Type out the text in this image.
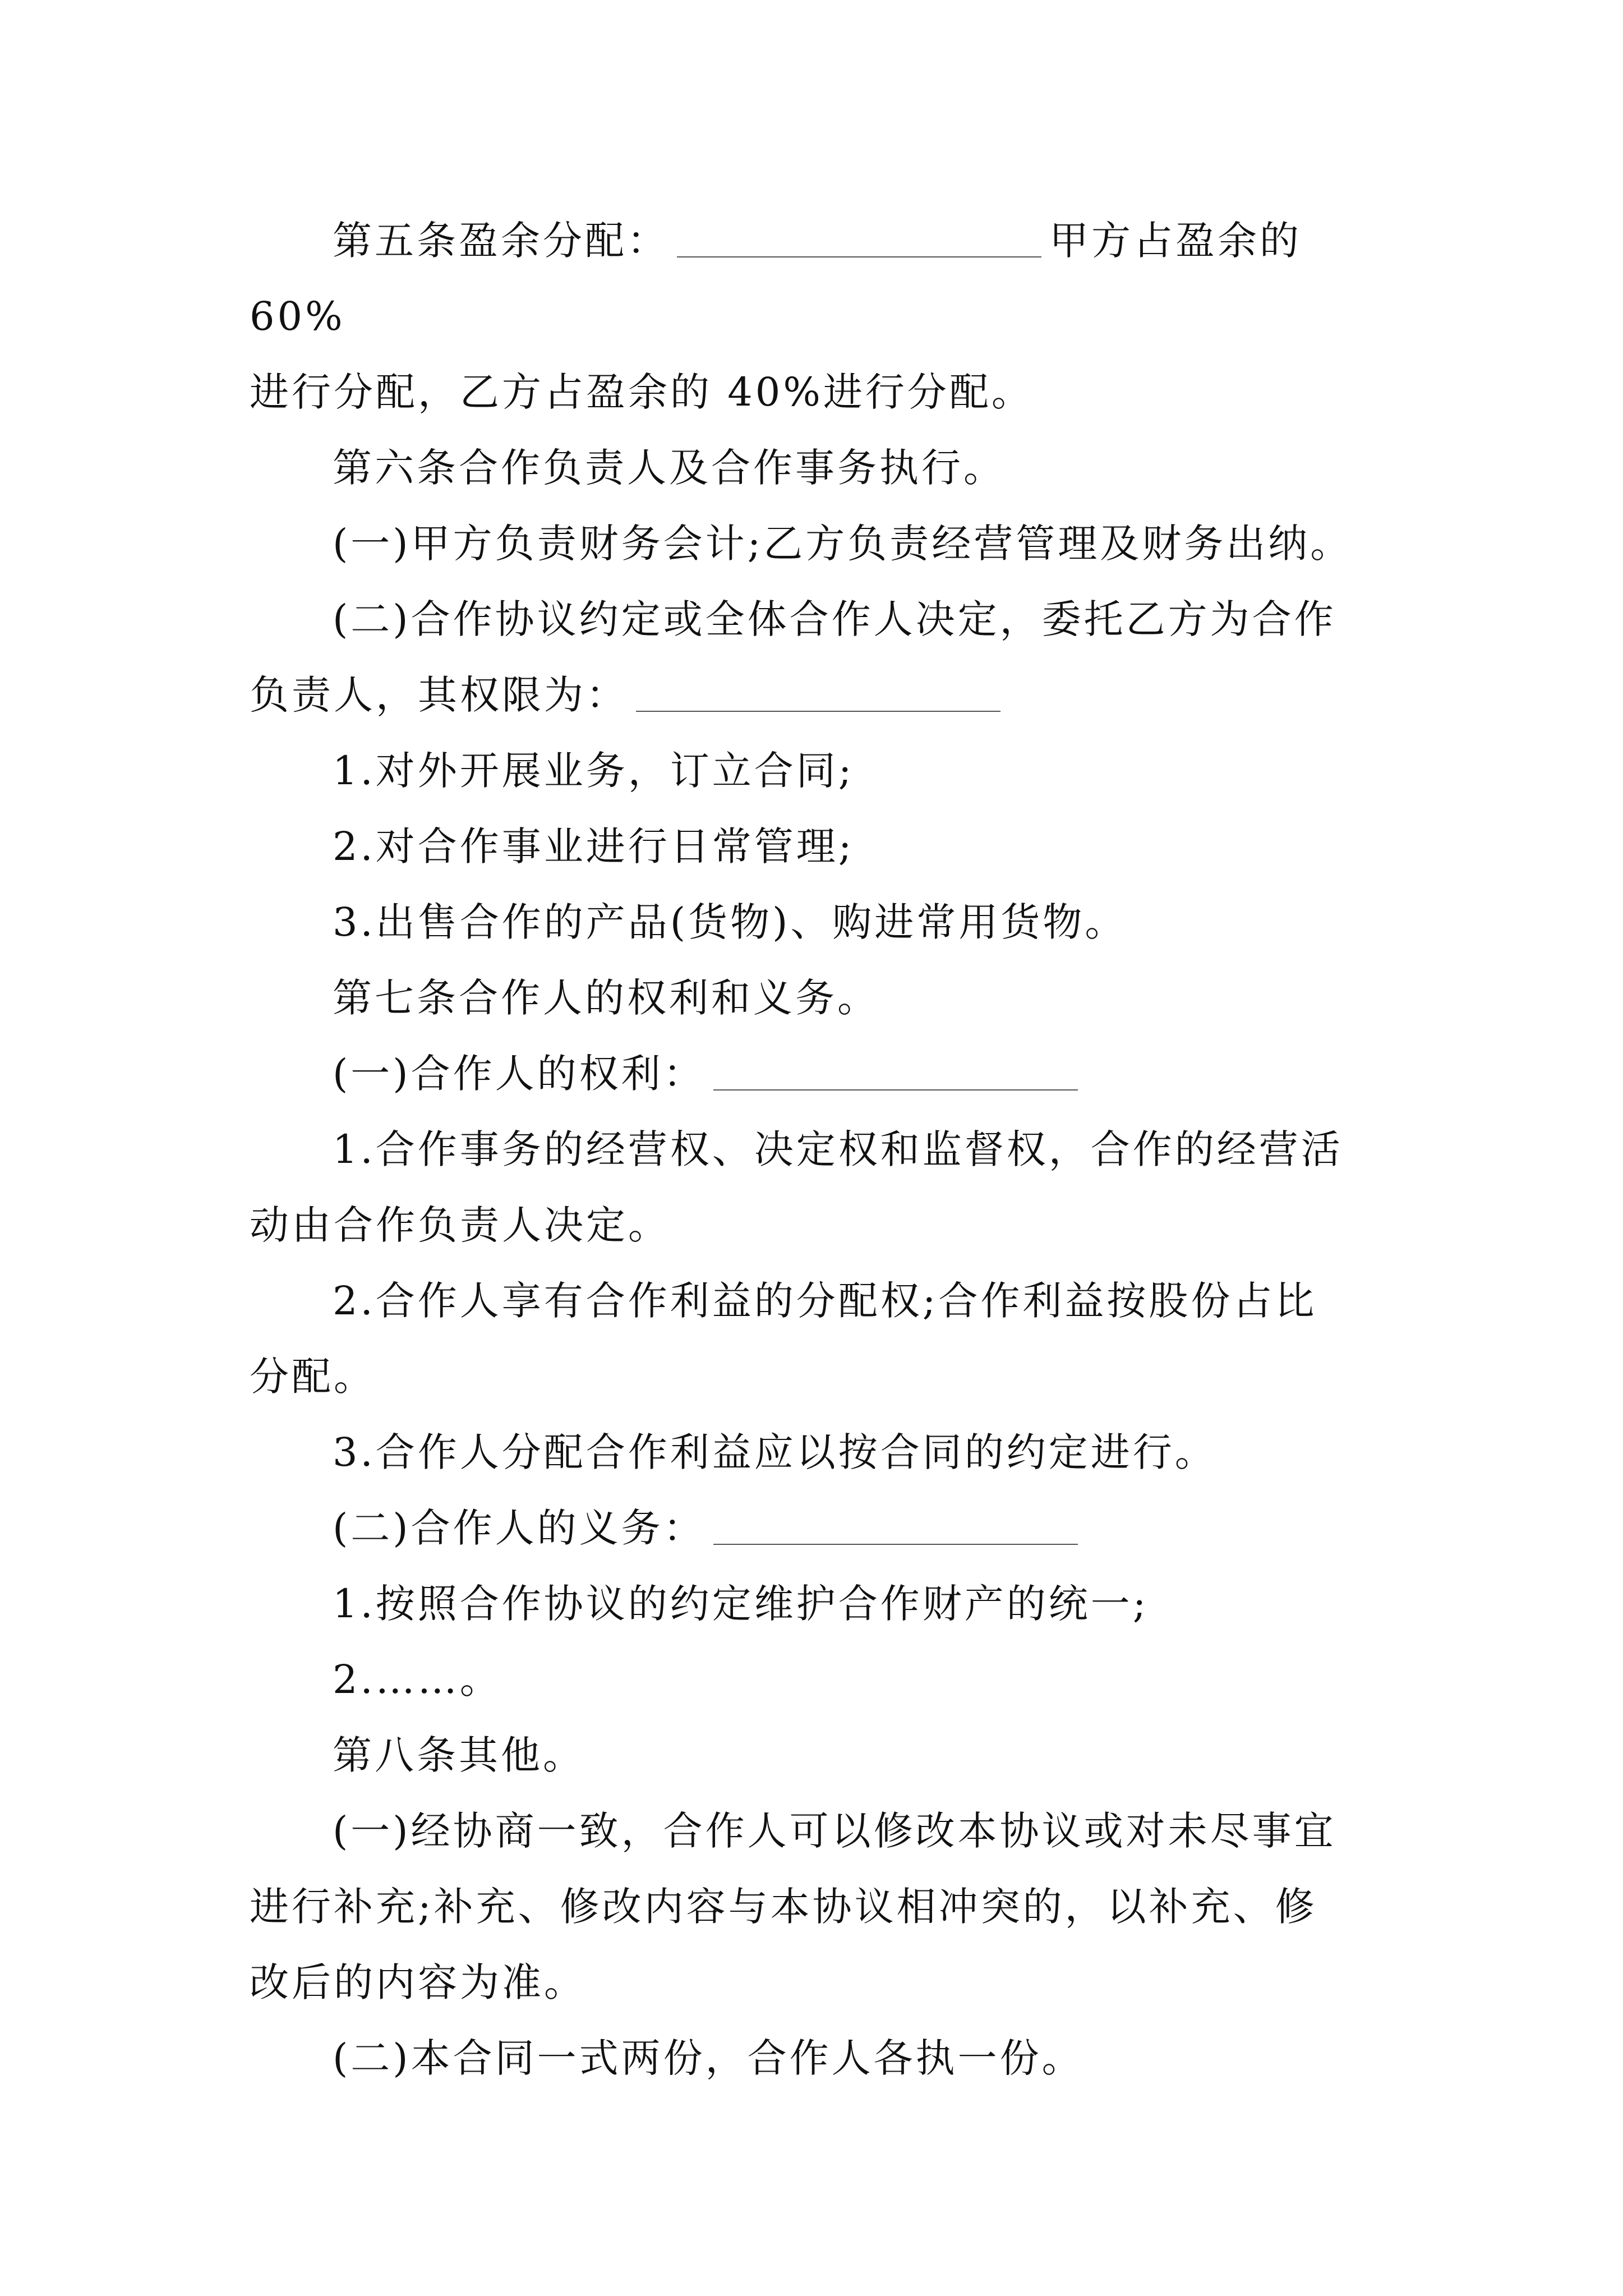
第五条盈余分配：	甲方占盈余的 60%

进行分配，乙方占盈余的 40%进行分配。

第六条合作负责人及合作事务执行。

(一)甲方负责财务会计;乙方负责经营管理及财务出纳。

(二)合作协议约定或全体合作人决定，委托乙方为合作

负责人，其权限为：

1.对外开展业务，订立合同;

2.对合作事业进行日常管理;

3.出售合作的产品(货物)、购进常用货物。

第七条合作人的权利和义务。

(一)合作人的权利：

1.合作事务的经营权、决定权和监督权，合作的经营活

动由合作负责人决定。

2.合作人享有合作利益的分配权;合作利益按股份占比

分配。

3.合作人分配合作利益应以按合同的约定进行。

(二)合作人的义务：

1.按照合作协议的约定维护合作财产的统一;

2.……。

第八条其他。

(一)经协商一致，合作人可以修改本协议或对未尽事宜

进行补充;补充、修改内容与本协议相冲突的，以补充、修

改后的内容为准。

(二)本合同一式两份，合作人各执一份。
